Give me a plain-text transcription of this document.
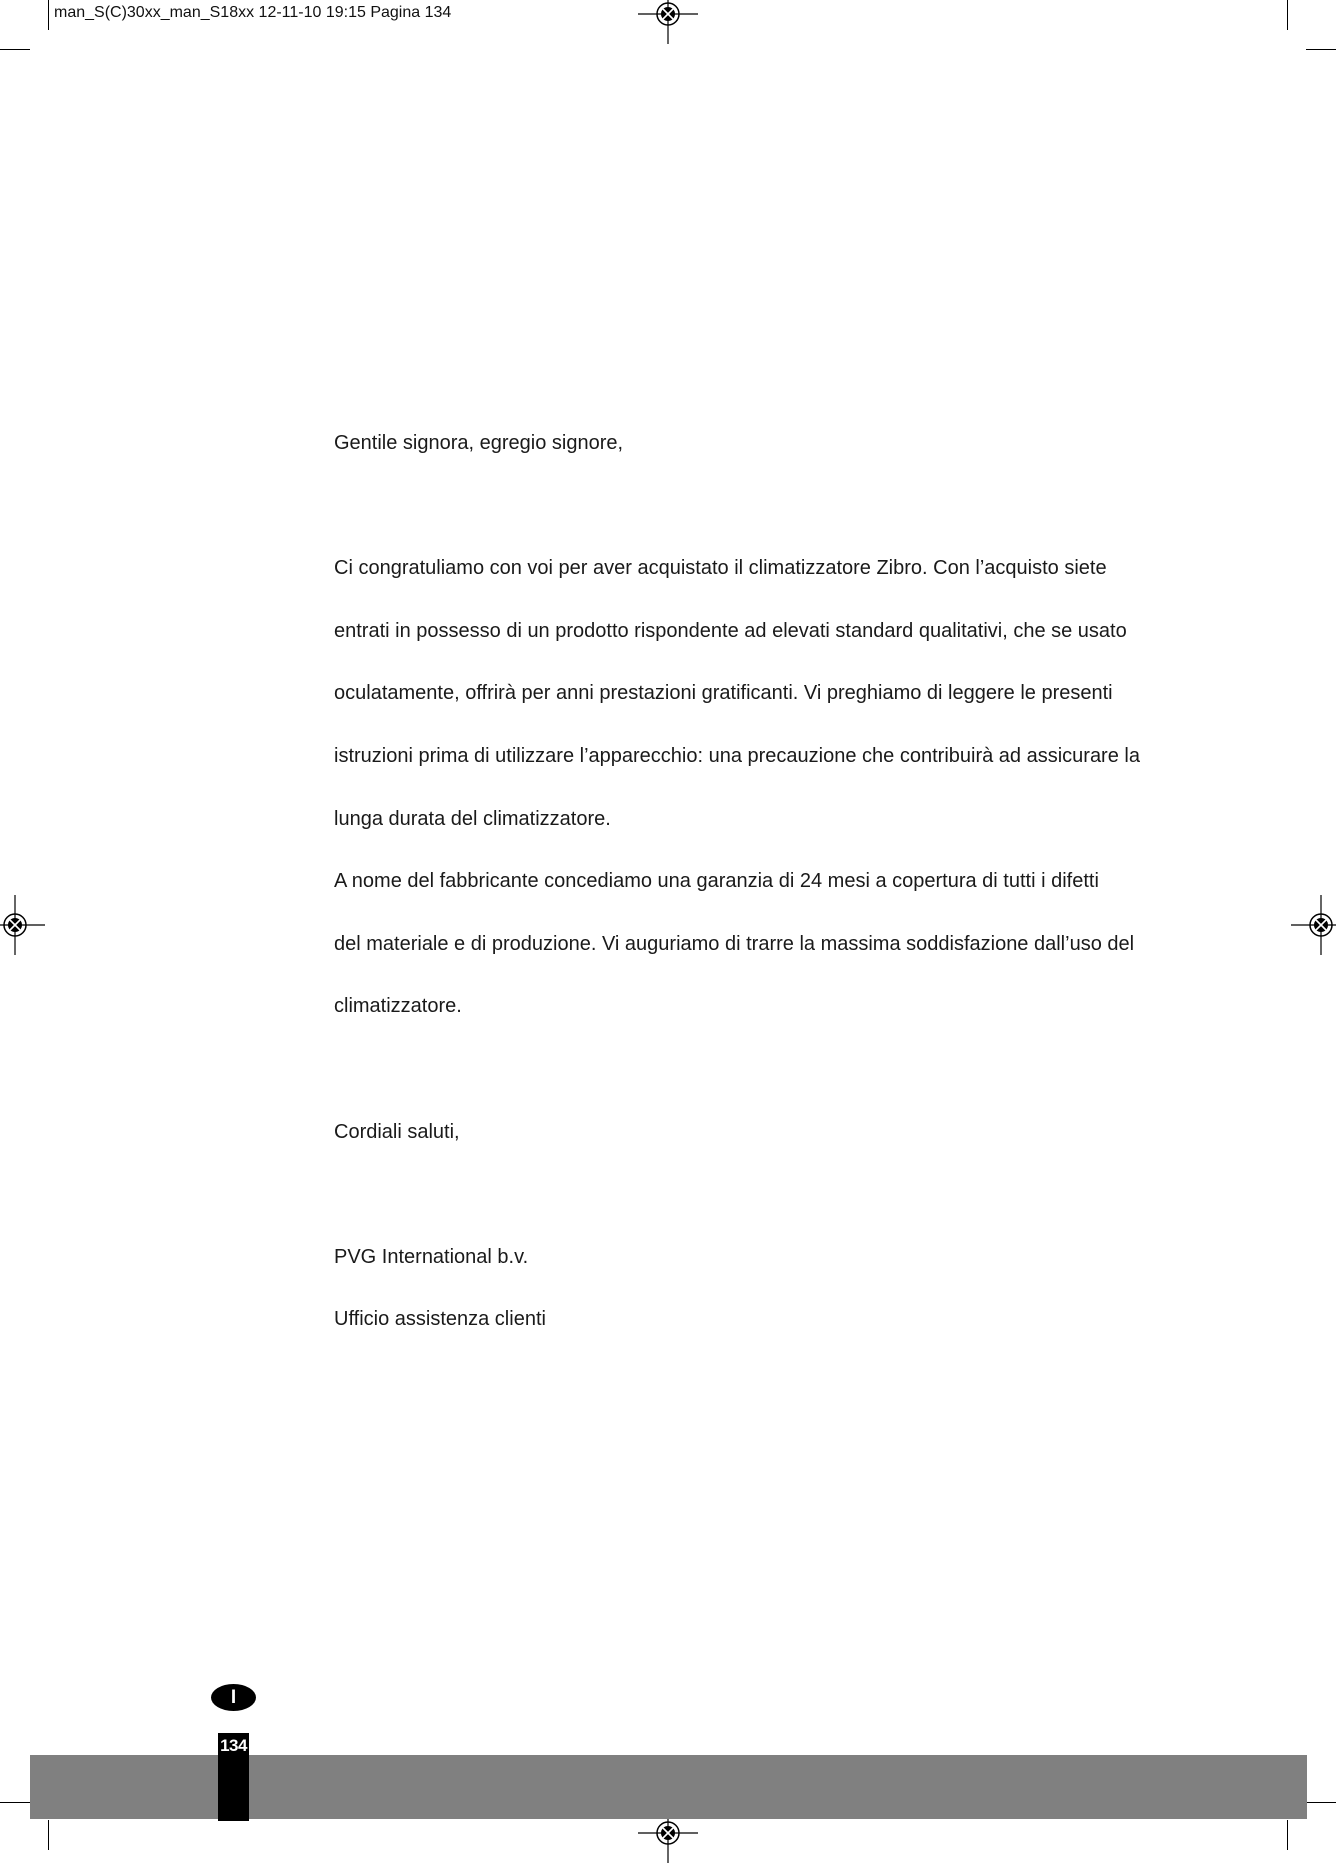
man_S(C)30xx_man_S18xx 12-11-10 19:15 Pagina 134

Gentile signora, egregio signore,

Ci congratuliamo con voi per aver acquistato il climatizzatore Zibro. Con l’acquisto siete

entrati in possesso di un prodotto rispondente ad elevati standard qualitativi, che se usato

oculatamente, offrirà per anni prestazioni gratificanti. Vi preghiamo di leggere le presenti

istruzioni prima di utilizzare l’apparecchio: una precauzione che contribuirà ad assicurare la

lunga durata del climatizzatore.

A nome del fabbricante concediamo una garanzia di 24 mesi a copertura di tutti i difetti

del materiale e di produzione. Vi auguriamo di trarre la massima soddisfazione dall’uso del

climatizzatore.

Cordiali saluti,

PVG International b.v.

Ufficio assistenza clienti

I
134
